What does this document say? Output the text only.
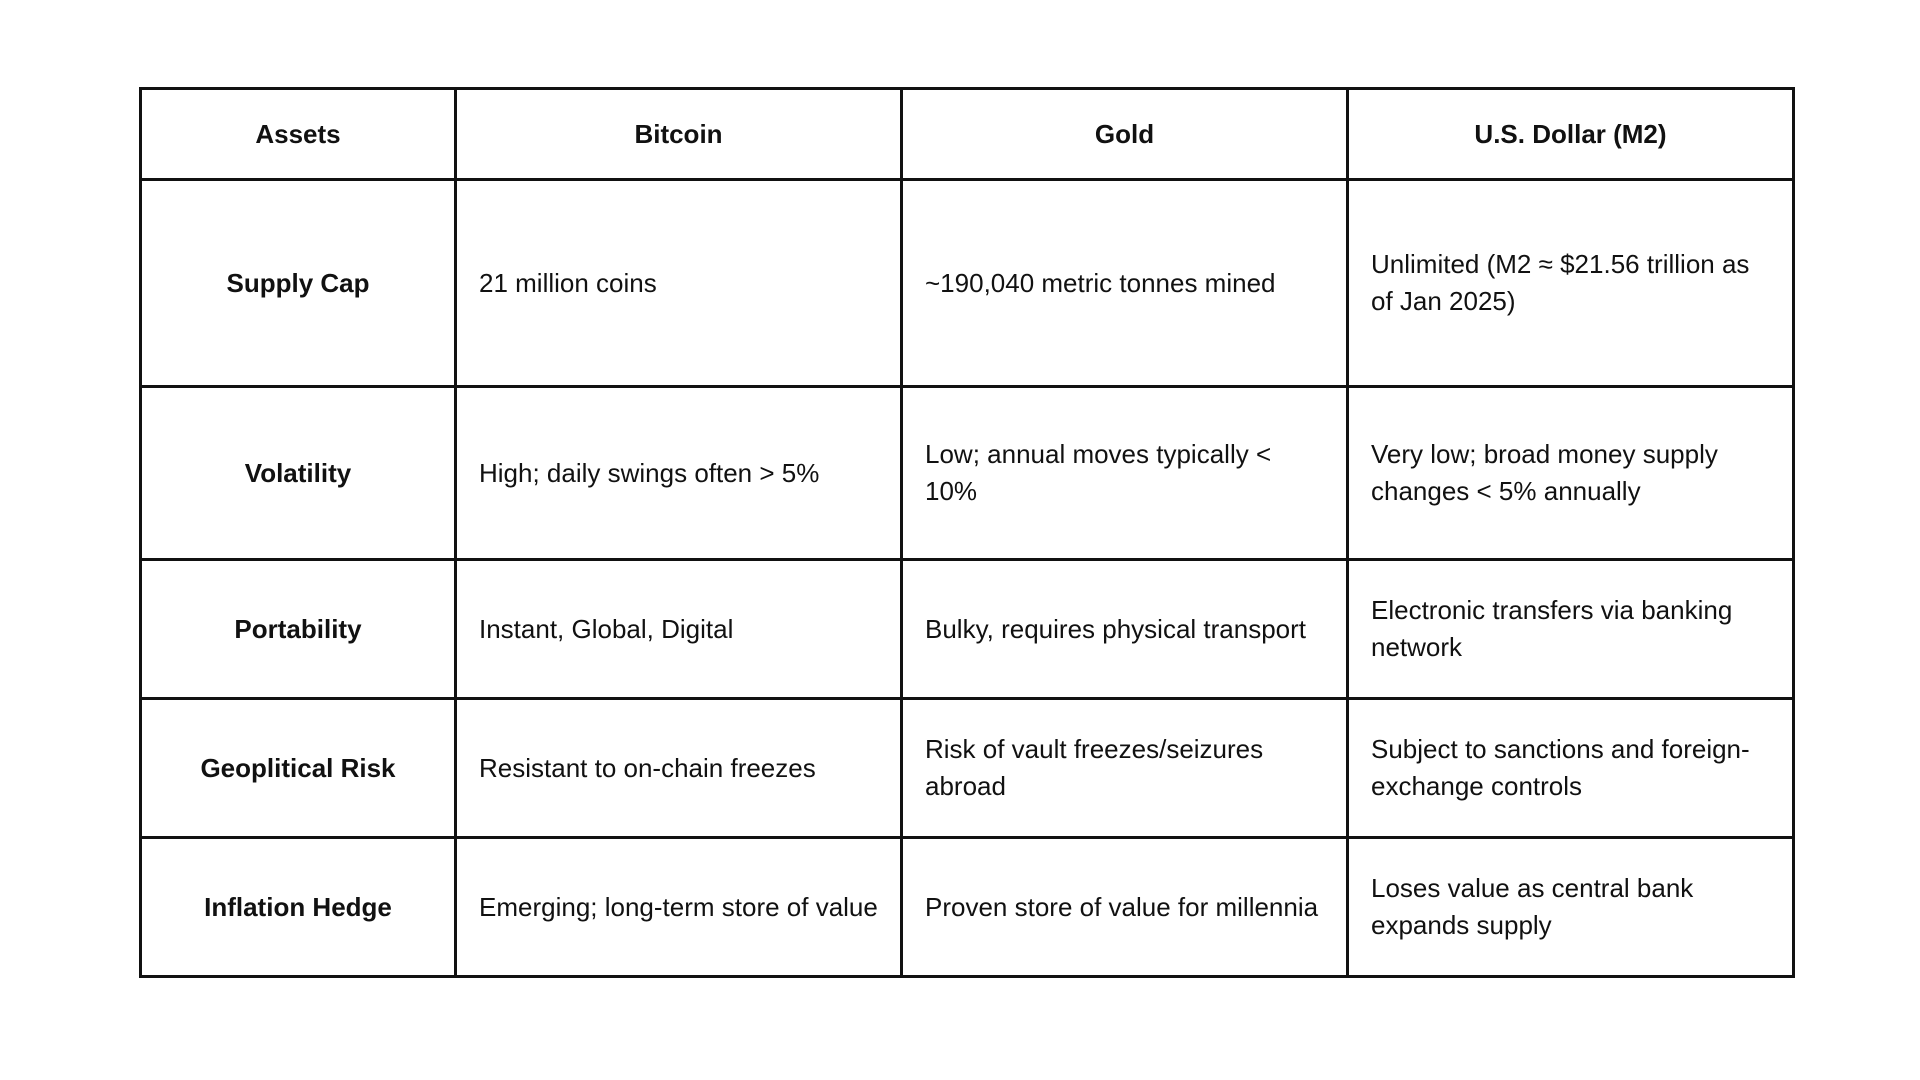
Assets	Bitcoin	Gold	U.S. Dollar (M2)
Supply Cap	21 million coins	~190,040 metric tonnes mined	Unlimited (M2 ≈ $21.56 trillion as of Jan 2025)
Volatility	High; daily swings often > 5%	Low; annual moves typically < 10%	Very low; broad money supply changes < 5% annually
Portability	Instant, Global, Digital	Bulky, requires physical transport	Electronic transfers via banking network
Geoplitical Risk	Resistant to on-chain freezes	Risk of vault freezes/seizures abroad	Subject to sanctions and foreign-exchange controls
Inflation Hedge	Emerging; long-term store of value	Proven store of value for millennia	Loses value as central bank expands supply
